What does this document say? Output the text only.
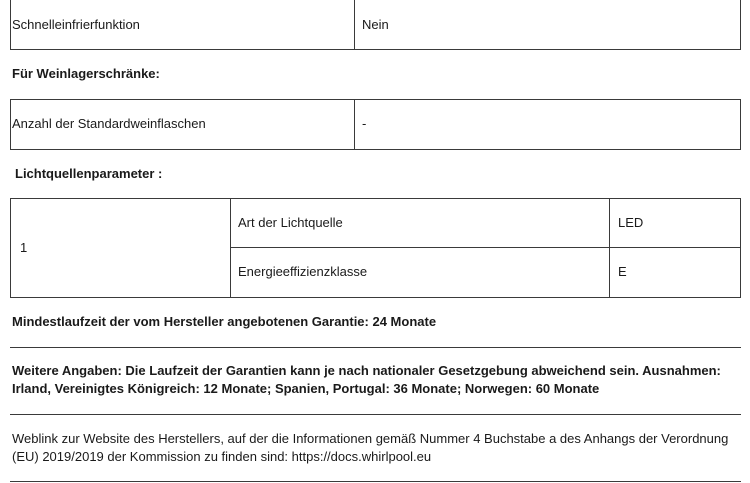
Schnelleinfrierfunktion	Nein
Für Weinlagerschränke:
Anzahl der Standardweinflaschen	-
Lichtquellenparameter :
1
Art der Lichtquelle	LED
Energieeffizienzklasse	E
Mindestlaufzeit der vom Hersteller angebotenen Garantie: 24 Monate
Weitere Angaben: Die Laufzeit der Garantien kann je nach nationaler Gesetzgebung abweichend sein. Ausnahmen: Irland, Vereinigtes Königreich: 12 Monate; Spanien, Portugal: 36 Monate; Norwegen: 60 Monate
Weblink zur Website des Herstellers, auf der die Informationen gemäß Nummer 4 Buchstabe a des Anhangs der Verordnung (EU) 2019/2019 der Kommission zu finden sind: https://docs.whirlpool.eu
